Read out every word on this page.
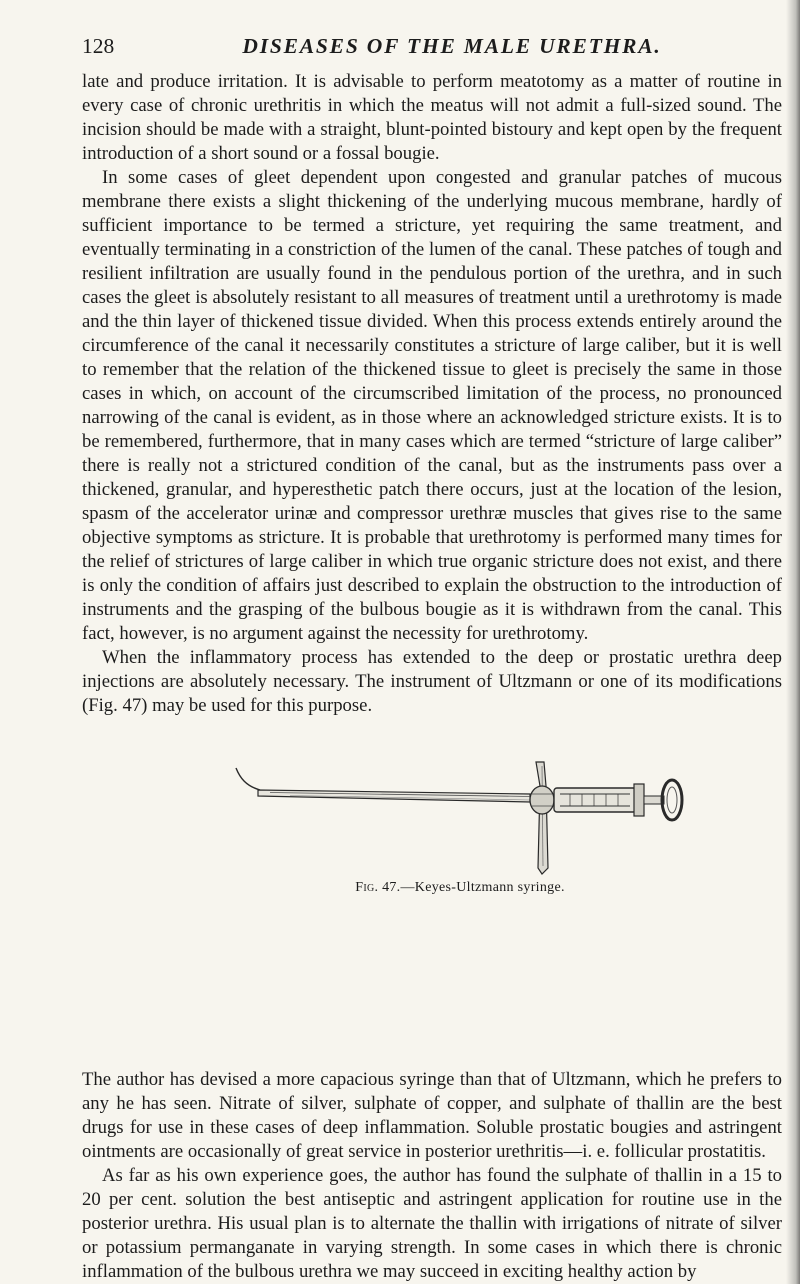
128	DISEASES OF THE MALE URETHRA.

late and produce irritation. It is advisable to perform meatotomy as a matter of routine in every case of chronic urethritis in which the meatus will not admit a full-sized sound. The incision should be made with a straight, blunt-pointed bistoury and kept open by the frequent introduction of a short sound or a fossal bougie.

In some cases of gleet dependent upon congested and granular patches of mucous membrane there exists a slight thickening of the underlying mucous membrane, hardly of sufficient importance to be termed a stricture, yet requiring the same treatment, and eventually terminating in a constriction of the lumen of the canal. These patches of tough and resilient infiltration are usually found in the pendulous portion of the urethra, and in such cases the gleet is absolutely resistant to all measures of treatment until a urethrotomy is made and the thin layer of thickened tissue divided. When this process extends entirely around the circumference of the canal it necessarily constitutes a stricture of large caliber, but it is well to remember that the relation of the thickened tissue to gleet is precisely the same in those cases in which, on account of the circumscribed limitation of the process, no pronounced narrowing of the canal is evident, as in those where an acknowledged stricture exists. It is to be remembered, furthermore, that in many cases which are termed “stricture of large caliber” there is really not a strictured condition of the canal, but as the instruments pass over a thickened, granular, and hyperesthetic patch there occurs, just at the location of the lesion, spasm of the accelerator urinæ and compressor urethræ muscles that gives rise to the same objective symptoms as stricture. It is probable that urethrotomy is performed many times for the relief of strictures of large caliber in which true organic stricture does not exist, and there is only the condition of affairs just described to explain the obstruction to the introduction of instruments and the grasping of the bulbous bougie as it is withdrawn from the canal. This fact, however, is no argument against the necessity for urethrotomy.

When the inflammatory process has extended to the deep or prostatic urethra deep injections are absolutely necessary. The instrument of Ultzmann or one of its modifications (Fig. 47) may be used for this purpose.

Fig. 47.—Keyes-Ultzmann syringe.

The author has devised a more capacious syringe than that of Ultzmann, which he prefers to any he has seen. Nitrate of silver, sulphate of copper, and sulphate of thallin are the best drugs for use in these cases of deep inflammation. Soluble prostatic bougies and astringent ointments are occasionally of great service in posterior urethritis—i. e. follicular prostatitis.

As far as his own experience goes, the author has found the sulphate of thallin in a 15 to 20 per cent. solution the best antiseptic and astringent application for routine use in the posterior urethra. His usual plan is to alternate the thallin with irrigations of nitrate of silver or potassium permanganate in varying strength. In some cases in which there is chronic inflammation of the bulbous urethra we may succeed in exciting healthy action by
